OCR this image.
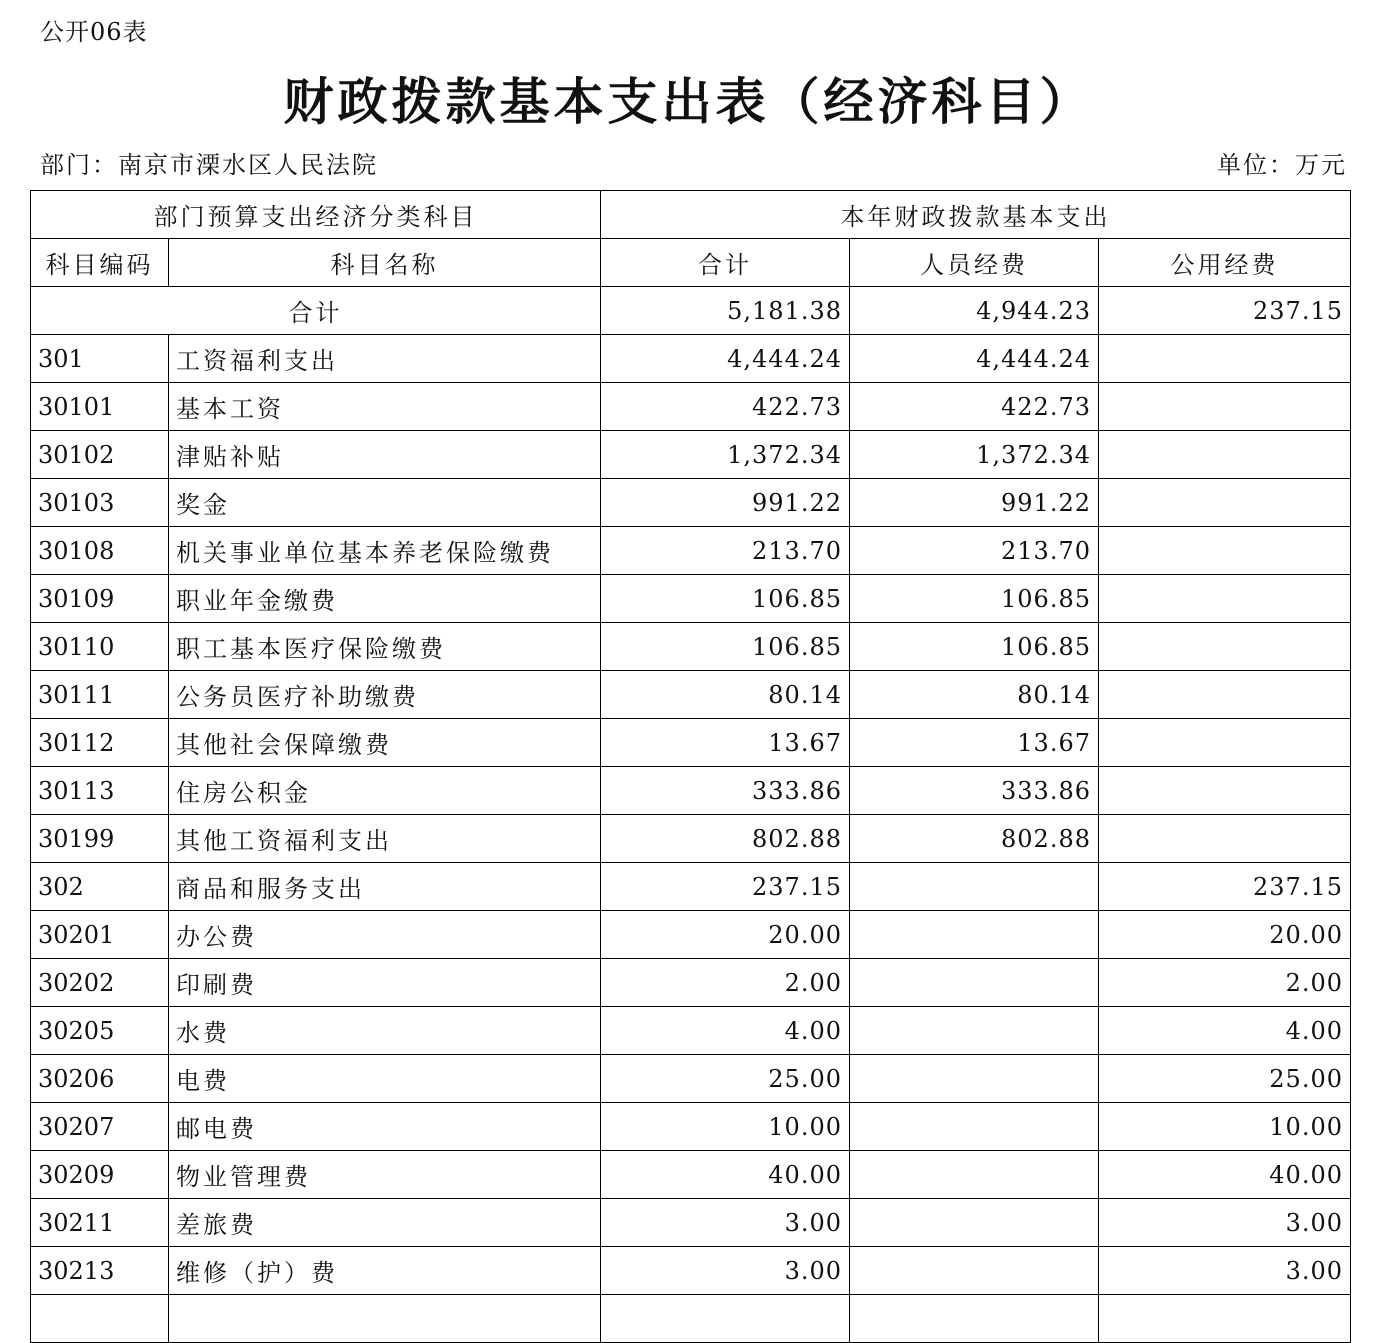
公开06表
财政拨款基本支出表（经济科目）
部门：南京市溧水区人民法院	单位：万元
部门预算支出经济分类科目		本年财政拨款基本支出		
科目编码	科目名称	合计	人员经费	公用经费
合计		5,181.38	4,944.23	237.15
301	工资福利支出	4,444.24	4,444.24	
30101	基本工资	422.73	422.73	
30102	津贴补贴	1,372.34	1,372.34	
30103	奖金	991.22	991.22	
30108	机关事业单位基本养老保险缴费	213.70	213.70	
30109	职业年金缴费	106.85	106.85	
30110	职工基本医疗保险缴费	106.85	106.85	
30111	公务员医疗补助缴费	80.14	80.14	
30112	其他社会保障缴费	13.67	13.67	
30113	住房公积金	333.86	333.86	
30199	其他工资福利支出	802.88	802.88	
302	商品和服务支出	237.15		237.15
30201	办公费	20.00		20.00
30202	印刷费	2.00		2.00
30205	水费	4.00		4.00
30206	电费	25.00		25.00
30207	邮电费	10.00		10.00
30209	物业管理费	40.00		40.00
30211	差旅费	3.00		3.00
30213	维修（护）费	3.00		3.00
